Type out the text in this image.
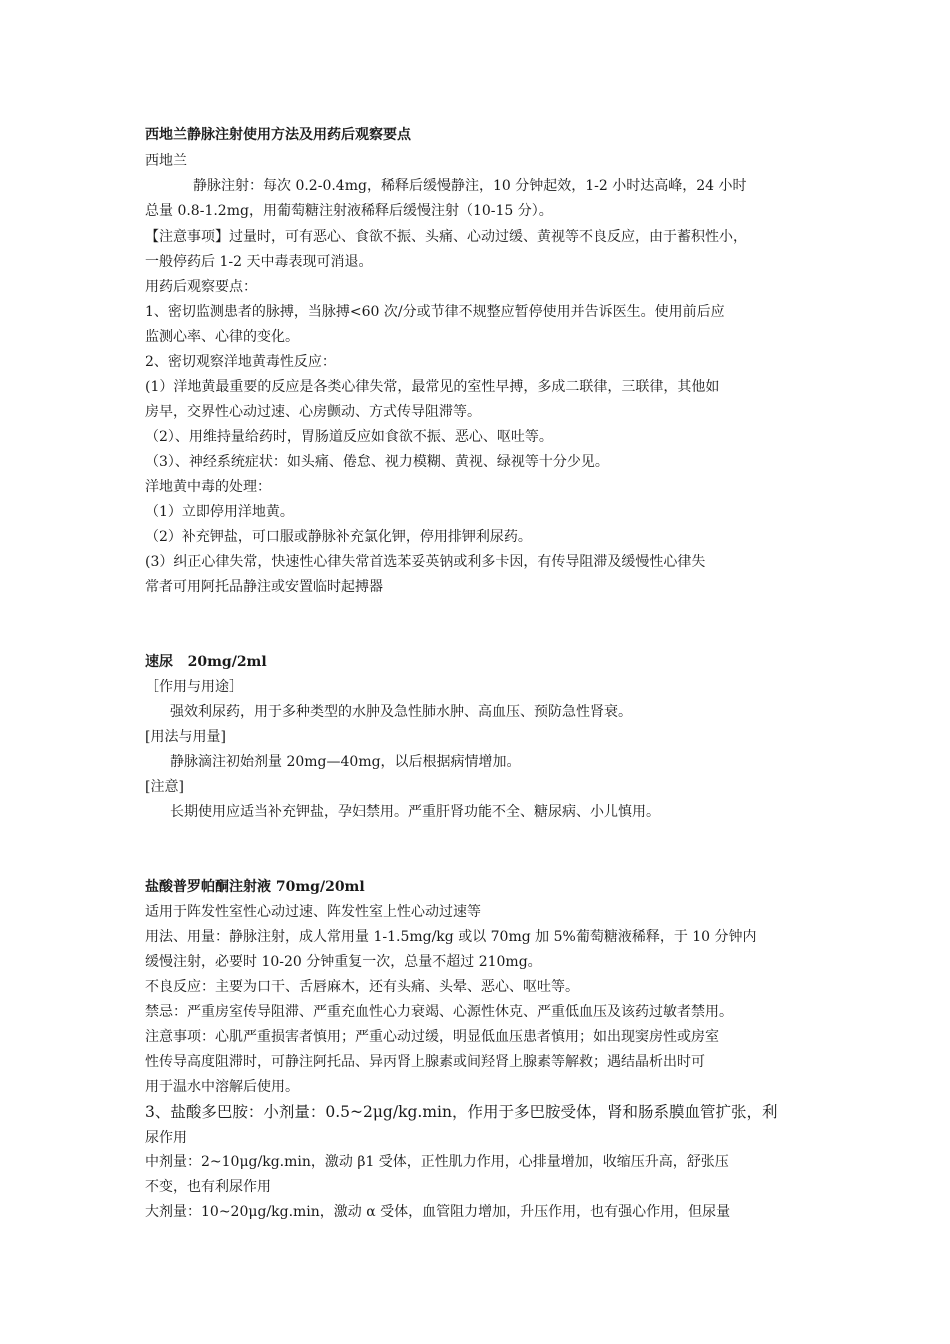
西地兰静脉注射使用方法及用药后观察要点
西地兰
静脉注射：每次 0.2-0.4mg，稀释后缓慢静注，10 分钟起效，1-2 小时达高峰，24 小时
总量 0.8-1.2mg，用葡萄糖注射液稀释后缓慢注射（10-15 分）。
【注意事项】过量时，可有恶心、食欲不振、头痛、心动过缓、黄视等不良反应，由于蓄积性小，
一般停药后 1-2 天中毒表现可消退。
用药后观察要点：
1、密切监测患者的脉搏，当脉搏<60 次/分或节律不规整应暂停使用并告诉医生。使用前后应
监测心率、心律的变化。
2、密切观察洋地黄毒性反应：
(1）洋地黄最重要的反应是各类心律失常，最常见的室性早搏，多成二联律，三联律，其他如
房早，交界性心动过速、心房颤动、方式传导阻滞等。
（2）、用维持量给药时，胃肠道反应如食欲不振、恶心、呕吐等。
（3）、神经系统症状：如头痛、倦怠、视力模糊、黄视、绿视等十分少见。
洋地黄中毒的处理：
（1）立即停用洋地黄。
（2）补充钾盐，可口服或静脉补充氯化钾，停用排钾利尿药。
(3）纠正心律失常，快速性心律失常首选苯妥英钠或利多卡因，有传导阻滞及缓慢性心律失
常者可用阿托品静注或安置临时起搏器
速尿   20mg/2ml
［作用与用途］
强效利尿药，用于多种类型的水肿及急性肺水肿、高血压、预防急性肾衰。
[用法与用量]
静脉滴注初始剂量 20mg—40mg，以后根据病情增加。
[注意]
长期使用应适当补充钾盐，孕妇禁用。严重肝肾功能不全、糖尿病、小儿慎用。
盐酸普罗帕酮注射液 70mg/20ml
适用于阵发性室性心动过速、阵发性室上性心动过速等
用法、用量：静脉注射，成人常用量 1-1.5mg/kg 或以 70mg 加 5%葡萄糖液稀释，于 10 分钟内
缓慢注射，必要时 10-20 分钟重复一次，总量不超过 210mg。
不良反应：主要为口干、舌唇麻木，还有头痛、头晕、恶心、呕吐等。
禁忌：严重房室传导阻滞、严重充血性心力衰竭、心源性休克、严重低血压及该药过敏者禁用。
注意事项：心肌严重损害者慎用；严重心动过缓，明显低血压患者慎用；如出现窦房性或房室
性传导高度阻滞时，可静注阿托品、异丙肾上腺素或间羟肾上腺素等解救；遇结晶析出时可
用于温水中溶解后使用。
3、盐酸多巴胺：小剂量：0.5~2μg/kg.min，作用于多巴胺受体，肾和肠系膜血管扩张，利
尿作用
中剂量：2~10μg/kg.min，激动 β1 受体，正性肌力作用，心排量增加，收缩压升高，舒张压
不变，也有利尿作用
大剂量：10~20μg/kg.min，激动 α 受体，血管阻力增加，升压作用，也有强心作用，但尿量
